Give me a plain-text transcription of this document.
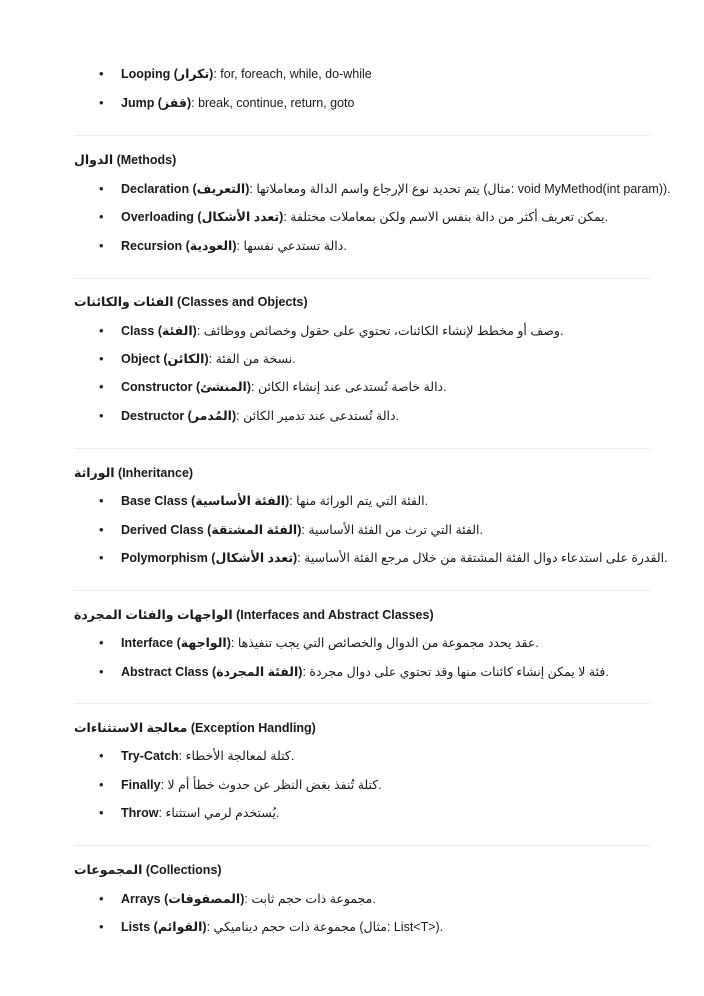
• Looping (تكرار): for, foreach, while, do-while
• Jump (قفز): break, continue, return, goto
الدوال (Methods)
• Declaration (التعريف): يتم تحديد نوع الإرجاع واسم الدالة ومعاملاتها (مثال: void MyMethod(int param)).
• Overloading (تعدد الأشكال): يمكن تعريف أكثر من دالة بنفس الاسم ولكن بمعاملات مختلفة.
• Recursion (العودية): دالة تستدعي نفسها.
الفئات والكائنات (Classes and Objects)
• Class (الفئة): وصف أو مخطط لإنشاء الكائنات، تحتوي على حقول وخصائص ووظائف.
• Object (الكائن): نسخة من الفئة.
• Constructor (المنشئ): دالة خاصة تُستدعى عند إنشاء الكائن.
• Destructor (المُدمر): دالة تُستدعى عند تدمير الكائن.
الوراثة (Inheritance)
• Base Class (الفئة الأساسية): الفئة التي يتم الوراثة منها.
• Derived Class (الفئة المشتقة): الفئة التي ترث من الفئة الأساسية.
• Polymorphism (تعدد الأشكال): القدرة على استدعاء دوال الفئة المشتقة من خلال مرجع الفئة الأساسية.
الواجهات والفئات المجردة (Interfaces and Abstract Classes)
• Interface (الواجهة): عقد يحدد مجموعة من الدوال والخصائص التي يجب تنفيذها.
• Abstract Class (الفئة المجردة): فئة لا يمكن إنشاء كائنات منها وقد تحتوي على دوال مجردة.
معالجة الاستثناءات (Exception Handling)
• Try-Catch: كتلة لمعالجة الأخطاء.
• Finally: كتلة تُنفذ بغض النظر عن حدوث خطأ أم لا.
• Throw: يُستخدم لرمي استثناء.
المجموعات (Collections)
• Arrays (المصفوفات): مجموعة ذات حجم ثابت.
• Lists (القوائم): مجموعة ذات حجم ديناميكي (مثال: List<T>).
